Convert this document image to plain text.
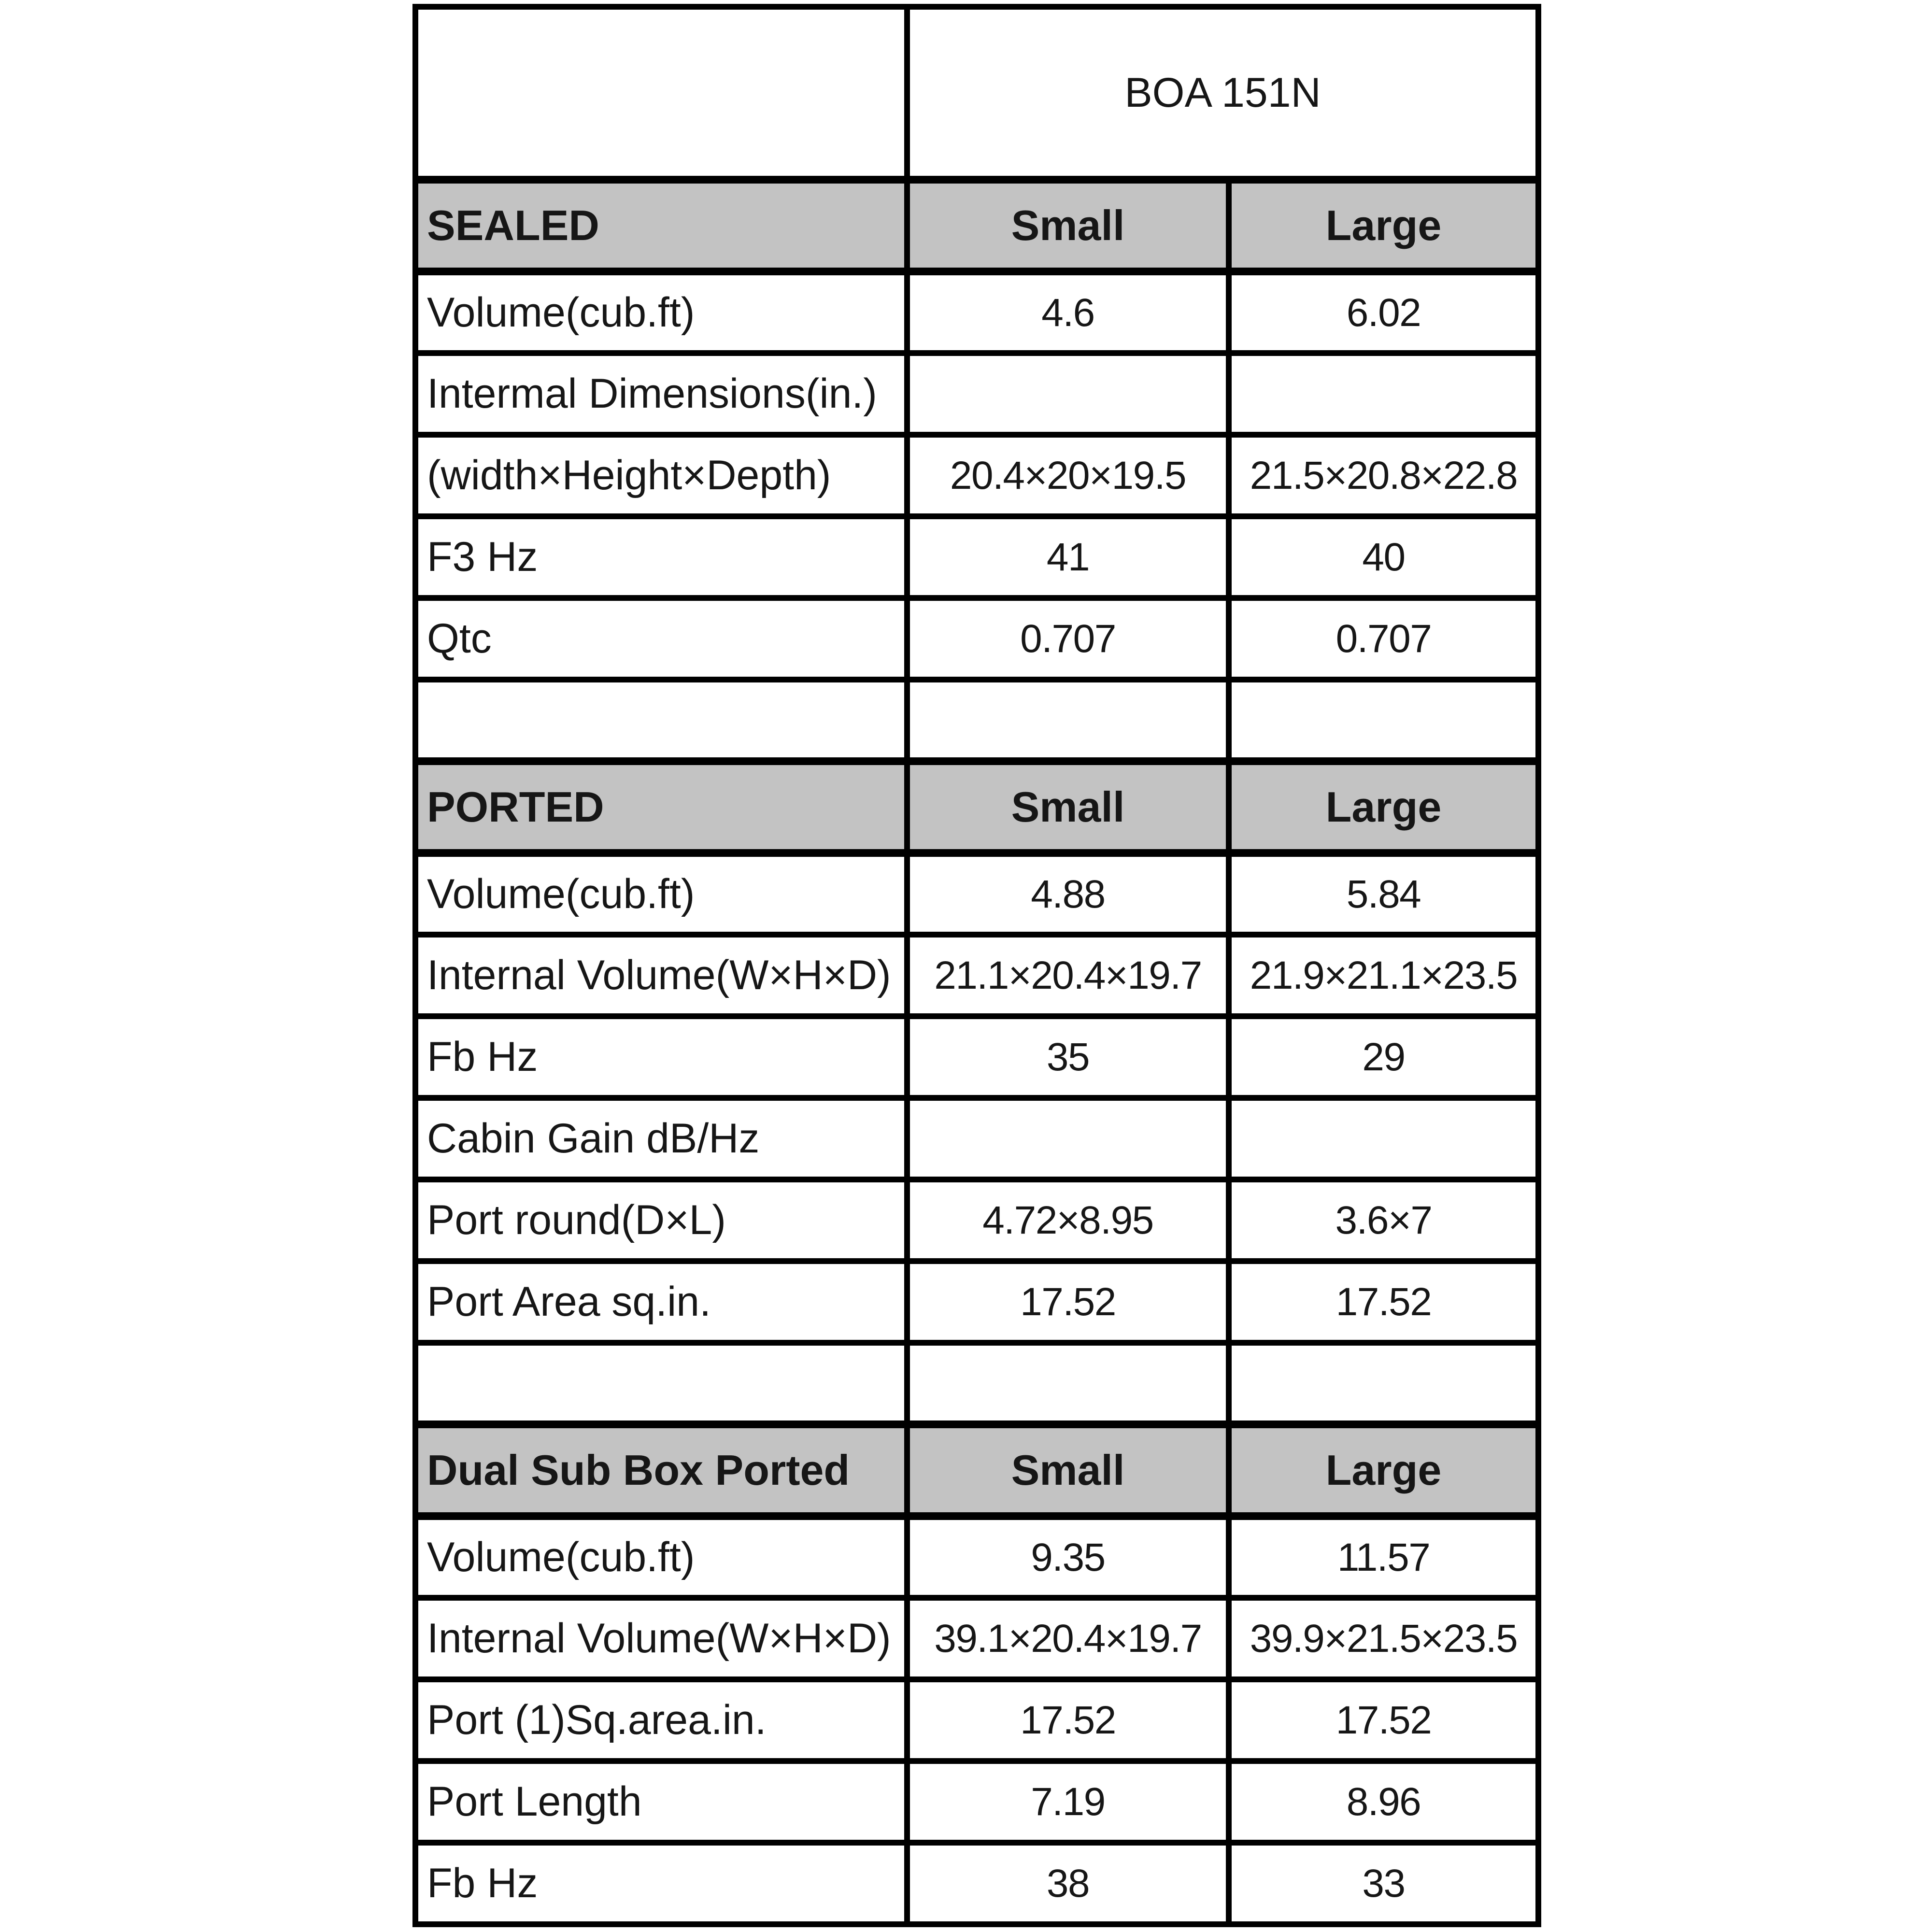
	BOA 151N	
SEALED	Small	Large
Volume(cub.ft)	4.6	6.02
Intermal Dimensions(in.)		
(width×Height×Depth)	20.4×20×19.5	21.5×20.8×22.8
F3 Hz	41	40
Qtc	0.707	0.707

PORTED	Small	Large
Volume(cub.ft)	4.88	5.84
Internal Volume(W×H×D)	21.1×20.4×19.7	21.9×21.1×23.5
Fb Hz	35	29
Cabin Gain dB/Hz		
Port round(D×L)	4.72×8.95	3.6×7
Port Area sq.in.	17.52	17.52

Dual Sub Box Ported	Small	Large
Volume(cub.ft)	9.35	11.57
Internal Volume(W×H×D)	39.1×20.4×19.7	39.9×21.5×23.5
Port (1)Sq.area.in.	17.52	17.52
Port Length	7.19	8.96
Fb Hz	38	33
